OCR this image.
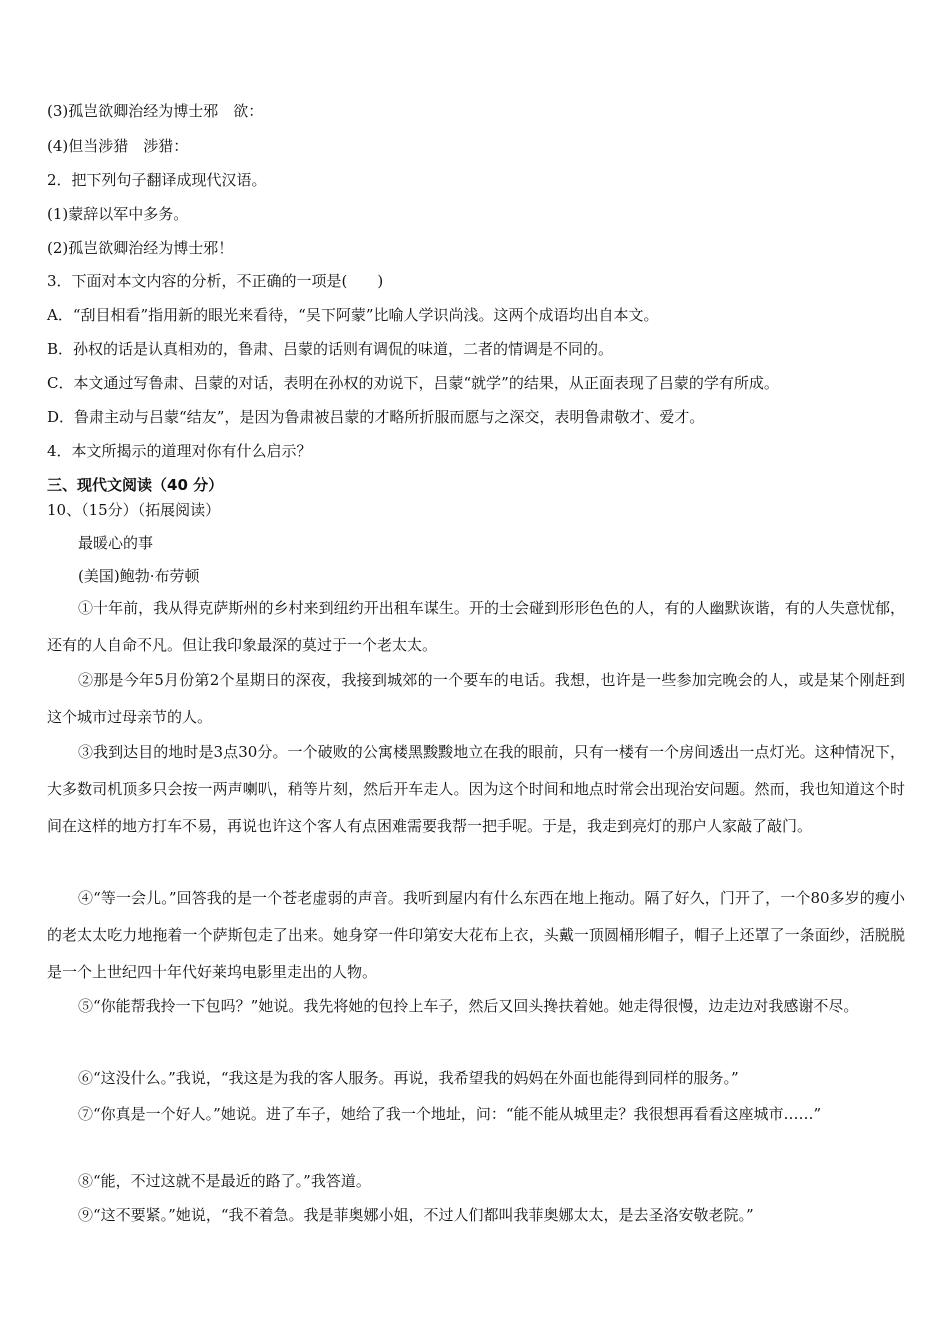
(3)孤岂欲卿治经为博士邪　欲：
(4)但当涉猎　涉猎：
2．把下列句子翻译成现代汉语。
(1)蒙辞以军中多务。
(2)孤岂欲卿治经为博士邪！
3．下面对本文内容的分析，不正确的一项是(　　)
A．“刮目相看”指用新的眼光来看待，“吴下阿蒙”比喻人学识尚浅。这两个成语均出自本文。
B．孙权的话是认真相劝的，鲁肃、吕蒙的话则有调侃的味道，二者的情调是不同的。
C．本文通过写鲁肃、吕蒙的对话，表明在孙权的劝说下，吕蒙“就学”的结果，从正面表现了吕蒙的学有所成。
D．鲁肃主动与吕蒙“结友”，是因为鲁肃被吕蒙的才略所折服而愿与之深交，表明鲁肃敬才、爱才。
4．本文所揭示的道理对你有什么启示？
三、现代文阅读（40 分）
10、（15分）（拓展阅读）
最暖心的事
(美国)鲍勃·布劳顿

①十年前，我从得克萨斯州的乡村来到纽约开出租车谋生。开的士会碰到形形色色的人，有的人幽默诙谐，有的人失意忧郁，还有的人自命不凡。但让我印象最深的莫过于一个老太太。

②那是今年5月份第2个星期日的深夜，我接到城郊的一个要车的电话。我想，也许是一些参加完晚会的人，或是某个刚赶到这个城市过母亲节的人。

③我到达目的地时是3点30分。一个破败的公寓楼黑黢黢地立在我的眼前，只有一楼有一个房间透出一点灯光。这种情况下，大多数司机顶多只会按一两声喇叭，稍等片刻，然后开车走人。因为这个时间和地点时常会出现治安问题。然而，我也知道这个时间在这样的地方打车不易，再说也许这个客人有点困难需要我帮一把手呢。于是，我走到亮灯的那户人家敲了敲门。

④“等一会儿。”回答我的是一个苍老虚弱的声音。我听到屋内有什么东西在地上拖动。隔了好久，门开了，一个80多岁的瘦小的老太太吃力地拖着一个萨斯包走了出来。她身穿一件印第安大花布上衣，头戴一顶圆桶形帽子，帽子上还罩了一条面纱，活脱脱是一个上世纪四十年代好莱坞电影里走出的人物。

⑤“你能帮我拎一下包吗？”她说。我先将她的包拎上车子，然后又回头搀扶着她。她走得很慢，边走边对我感谢不尽。

⑥“这没什么。”我说，“我这是为我的客人服务。再说，我希望我的妈妈在外面也能得到同样的服务。”

⑦“你真是一个好人。”她说。进了车子，她给了我一个地址，问：“能不能从城里走？我很想再看看这座城市……”

⑧“能，不过这就不是最近的路了。”我答道。

⑨“这不要紧。”她说，“我不着急。我是菲奥娜小姐，不过人们都叫我菲奥娜太太，是去圣洛安敬老院。”
